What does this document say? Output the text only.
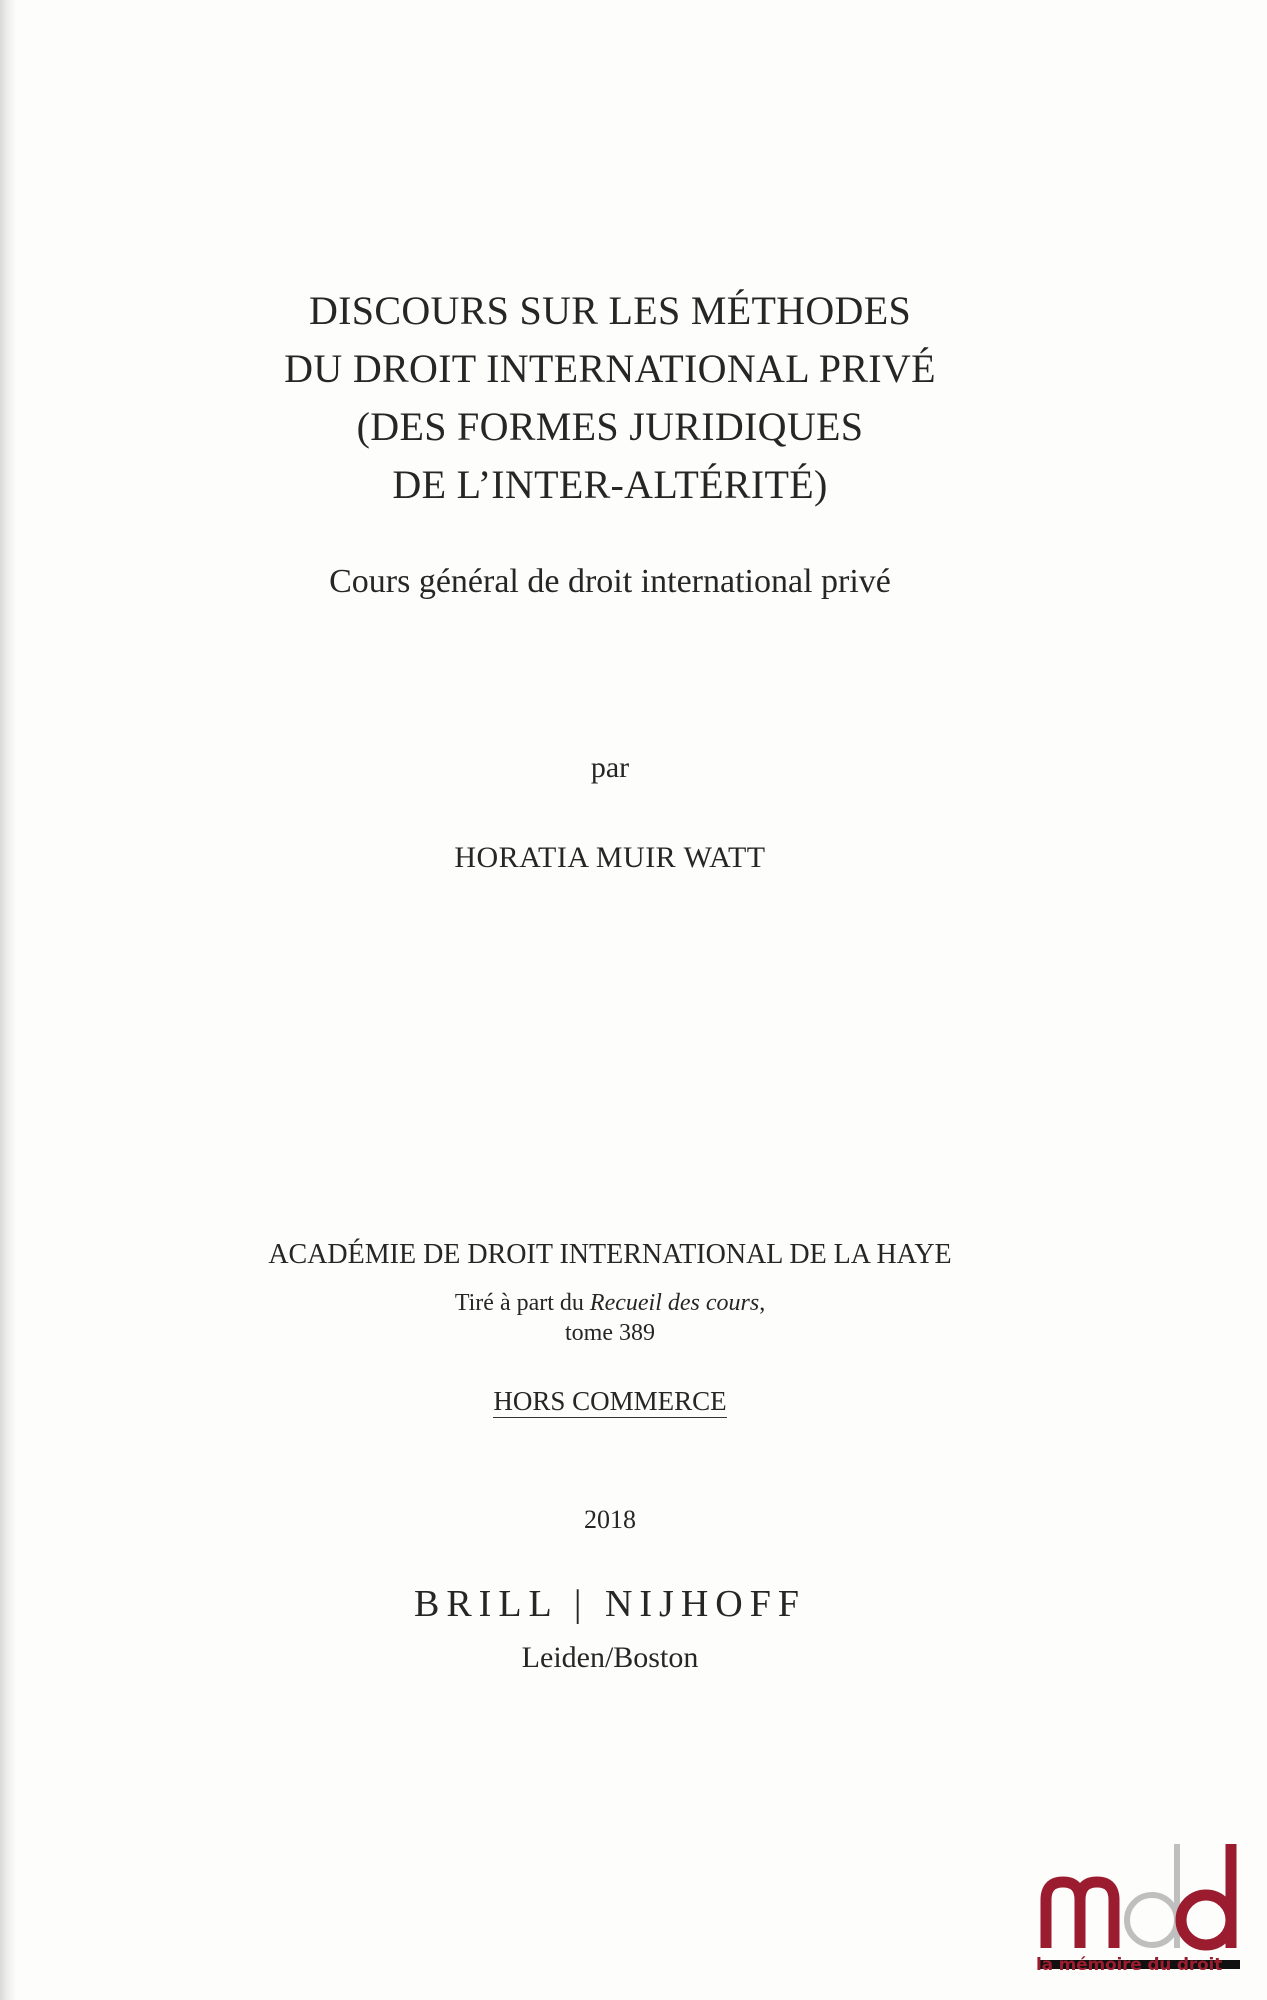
DISCOURS SUR LES MÉTHODES
DU DROIT INTERNATIONAL PRIVÉ
(DES FORMES JURIDIQUES
DE L’INTER-ALTÉRITÉ)
Cours général de droit international privé
par
HORATIA MUIR WATT
ACADÉMIE DE DROIT INTERNATIONAL DE LA HAYE
Tiré à part du Recueil des cours,
tome 389
HORS COMMERCE
2018
BRILL | NIJHOFF
Leiden/Boston
la mémoire du droit
